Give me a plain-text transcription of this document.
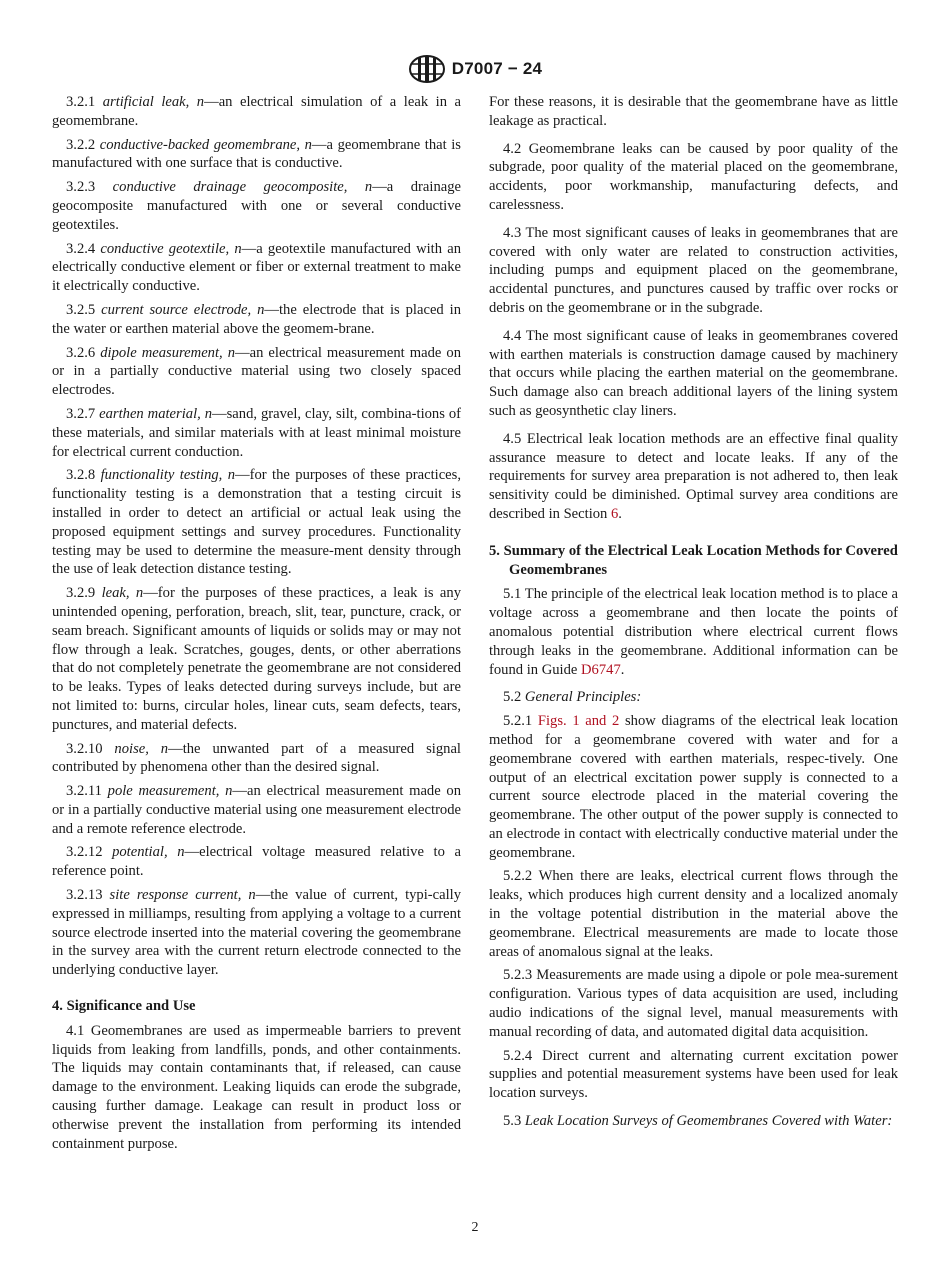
D7007 − 24

3.2.1 artificial leak, n—an electrical simulation of a leak in a geomembrane.

3.2.2 conductive-backed geomembrane, n—a geomembrane that is manufactured with one surface that is conductive.

3.2.3 conductive drainage geocomposite, n—a drainage geocomposite manufactured with one or several conductive geotextiles.

3.2.4 conductive geotextile, n—a geotextile manufactured with an electrically conductive element or fiber or external treatment to make it electrically conductive.

3.2.5 current source electrode, n—the electrode that is placed in the water or earthen material above the geomem-brane.

3.2.6 dipole measurement, n—an electrical measurement made on or in a partially conductive material using two closely spaced electrodes.

3.2.7 earthen material, n—sand, gravel, clay, silt, combina-tions of these materials, and similar materials with at least minimal moisture for electrical current conduction.

3.2.8 functionality testing, n—for the purposes of these practices, functionality testing is a demonstration that a testing circuit is installed in order to detect an artificial or actual leak using the proposed equipment settings and survey procedures. Functionality testing may be used to determine the measure-ment density through the use of leak detection distance testing.

3.2.9 leak, n—for the purposes of these practices, a leak is any unintended opening, perforation, breach, slit, tear, puncture, crack, or seam breach. Significant amounts of liquids or solids may or may not flow through a leak. Scratches, gouges, dents, or other aberrations that do not completely penetrate the geomembrane are not considered to be leaks. Types of leaks detected during surveys include, but are not limited to: burns, circular holes, linear cuts, seam defects, tears, punctures, and material defects.

3.2.10 noise, n—the unwanted part of a measured signal contributed by phenomena other than the desired signal.

3.2.11 pole measurement, n—an electrical measurement made on or in a partially conductive material using one measurement electrode and a remote reference electrode.

3.2.12 potential, n—electrical voltage measured relative to a reference point.

3.2.13 site response current, n—the value of current, typi-cally expressed in milliamps, resulting from applying a voltage to a current source electrode inserted into the material covering the geomembrane in the survey area with the current return electrode connected to the underlying conductive layer.

4. Significance and Use

4.1 Geomembranes are used as impermeable barriers to prevent liquids from leaking from landfills, ponds, and other containments. The liquids may contain contaminants that, if released, can cause damage to the environment. Leaking liquids can erode the subgrade, causing further damage. Leakage can result in product loss or otherwise prevent the installation from performing its intended containment purpose.

For these reasons, it is desirable that the geomembrane have as little leakage as practical.

4.2 Geomembrane leaks can be caused by poor quality of the subgrade, poor quality of the material placed on the geomembrane, accidents, poor workmanship, manufacturing defects, and carelessness.

4.3 The most significant causes of leaks in geomembranes that are covered with only water are related to construction activities, including pumps and equipment placed on the geomembrane, accidental punctures, and punctures caused by traffic over rocks or debris on the geomembrane or in the subgrade.

4.4 The most significant cause of leaks in geomembranes covered with earthen materials is construction damage caused by machinery that occurs while placing the earthen material on the geomembrane. Such damage also can breach additional layers of the lining system such as geosynthetic clay liners.

4.5 Electrical leak location methods are an effective final quality assurance measure to detect and locate leaks. If any of the requirements for survey area preparation is not adhered to, then leak sensitivity could be diminished. Optimal survey area conditions are described in Section 6.

5. Summary of the Electrical Leak Location Methods for Covered Geomembranes

5.1 The principle of the electrical leak location method is to place a voltage across a geomembrane and then locate the points of anomalous potential distribution where electrical current flows through leaks in the geomembrane. Additional information can be found in Guide D6747.

5.2 General Principles:

5.2.1 Figs. 1 and 2 show diagrams of the electrical leak location method for a geomembrane covered with water and for a geomembrane covered with earthen materials, respec-tively. One output of an electrical excitation power supply is connected to a current source electrode placed in the material covering the geomembrane. The other output of the power supply is connected to an electrode in contact with electrically conductive material under the geomembrane.

5.2.2 When there are leaks, electrical current flows through the leaks, which produces high current density and a localized anomaly in the voltage potential distribution in the material above the geomembrane. Electrical measurements are made to locate those areas of anomalous signal at the leaks.

5.2.3 Measurements are made using a dipole or pole mea-surement configuration. Various types of data acquisition are used, including audio indications of the signal level, manual measurements with manual recording of data, and automated digital data acquisition.

5.2.4 Direct current and alternating current excitation power supplies and potential measurement systems have been used for leak location surveys.

5.3 Leak Location Surveys of Geomembranes Covered with Water:

2
